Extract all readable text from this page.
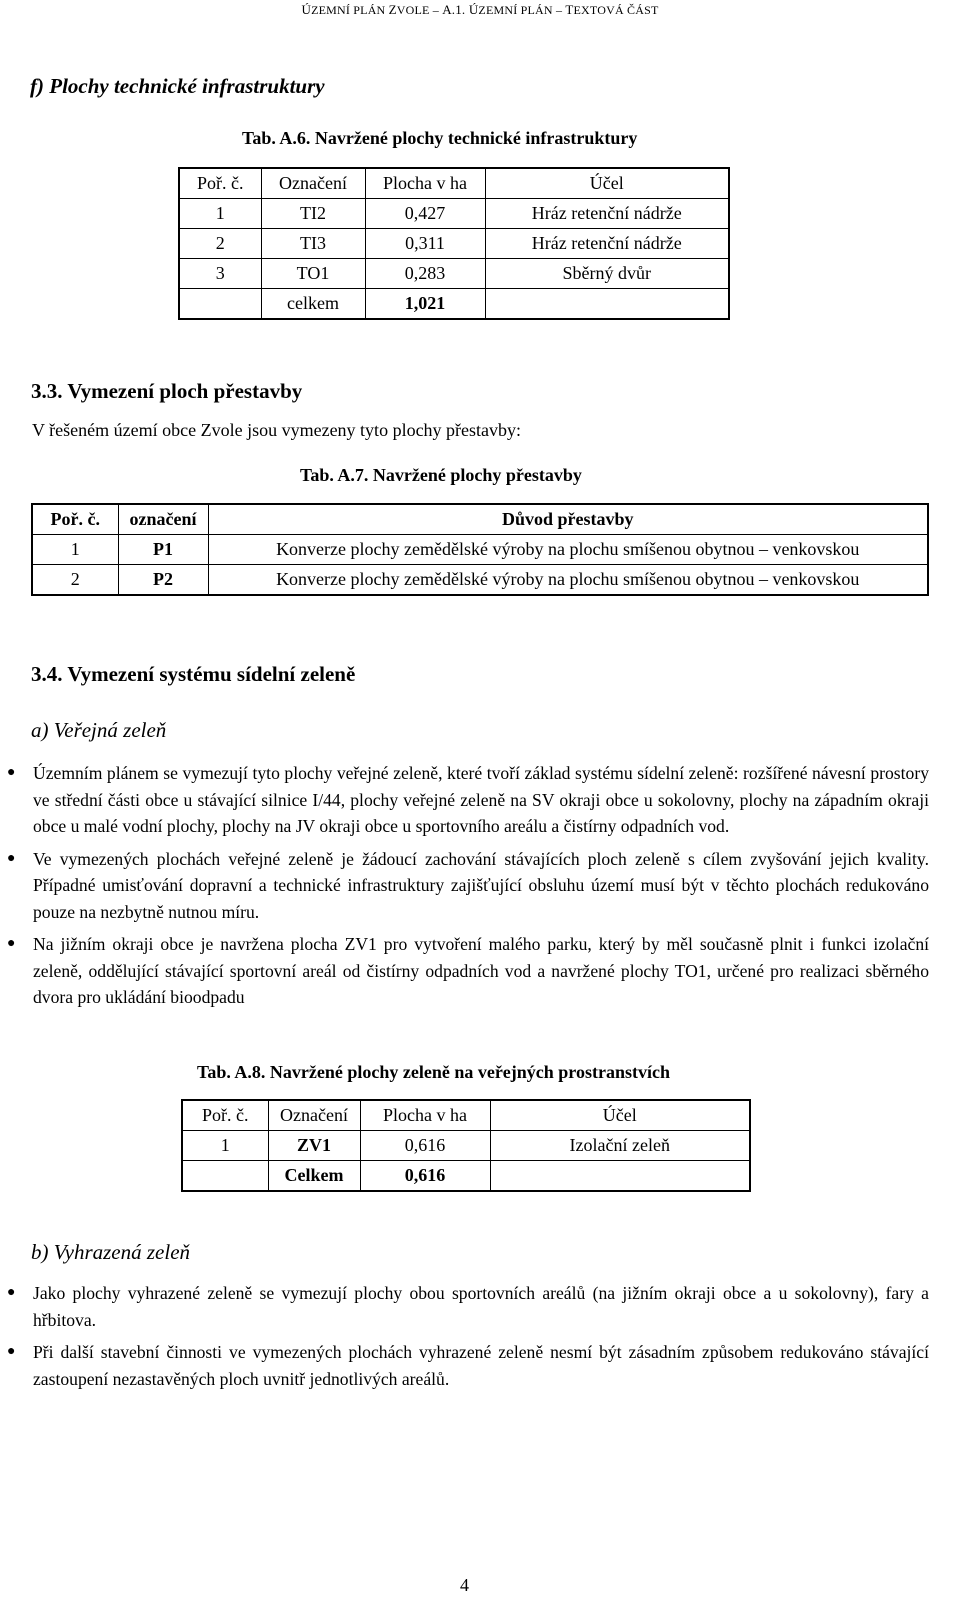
ÚZEMNÍ PLÁN ZVOLE – A.1. ÚZEMNÍ PLÁN – TEXTOVÁ ČÁST
f) Plochy technické infrastruktury
Tab. A.6. Navržené plochy technické infrastruktury
Poř. č.	Označení	Plocha v ha	Účel
1	TI2	0,427	Hráz retenční nádrže
2	TI3	0,311	Hráz retenční nádrže
3	TO1	0,283	Sběrný dvůr
	celkem	1,021	
3.3. Vymezení ploch přestavby
V řešeném území obce Zvole jsou vymezeny tyto plochy přestavby:
Tab. A.7. Navržené plochy přestavby
Poř. č.	označení	Důvod přestavby
1	P1	Konverze plochy zemědělské výroby na plochu smíšenou obytnou – venkovskou
2	P2	Konverze plochy zemědělské výroby na plochu smíšenou obytnou – venkovskou
3.4. Vymezení systému sídelní zeleně
a) Veřejná zeleň
● Územním plánem se vymezují tyto plochy veřejné zeleně, které tvoří základ systému sídelní zeleně: rozšířené návesní prostory ve střední části obce u stávající silnice I/44, plochy veřejné zeleně na SV okraji obce u sokolovny, plochy na západním okraji obce u malé vodní plochy, plochy na JV okraji obce u sportovního areálu a čistírny odpadních vod.
● Ve vymezených plochách veřejné zeleně je žádoucí zachování stávajících ploch zeleně s cílem zvyšování jejich kvality. Případné umisťování dopravní a technické infrastruktury zajišťující obsluhu území musí být v těchto plochách redukováno pouze na nezbytně nutnou míru.
● Na jižním okraji obce je navržena plocha ZV1 pro vytvoření malého parku, který by měl současně plnit i funkci izolační zeleně, oddělující stávající sportovní areál od čistírny odpadních vod a navržené plochy TO1, určené pro realizaci sběrného dvora pro ukládání bioodpadu
Tab. A.8. Navržené plochy zeleně na veřejných prostranstvích
Poř. č.	Označení	Plocha v ha	Účel
1	ZV1	0,616	Izolační zeleň
	Celkem	0,616	
b) Vyhrazená zeleň
● Jako plochy vyhrazené zeleně se vymezují plochy obou sportovních areálů (na jižním okraji obce a u sokolovny), fary a hřbitova.
● Při další stavební činnosti ve vymezených plochách vyhrazené zeleně nesmí být zásadním způsobem redukováno stávající zastoupení nezastavěných ploch uvnitř jednotlivých areálů.
4
